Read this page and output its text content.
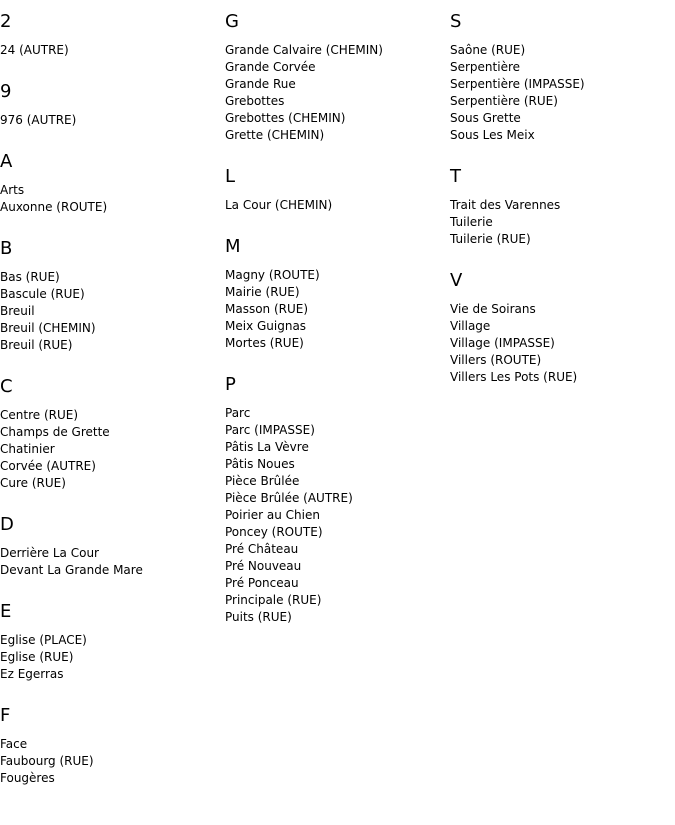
2
24 (AUTRE)
9
976 (AUTRE)
A
Arts
Auxonne (ROUTE)
B
Bas (RUE)
Bascule (RUE)
Breuil
Breuil (CHEMIN)
Breuil (RUE)
C
Centre (RUE)
Champs de Grette
Chatinier
Corvée (AUTRE)
Cure (RUE)
D
Derrière La Cour
Devant La Grande Mare
E
Eglise (PLACE)
Eglise (RUE)
Ez Egerras
F
Face
Faubourg (RUE)
Fougères
G
Grande Calvaire (CHEMIN)
Grande Corvée
Grande Rue
Grebottes
Grebottes (CHEMIN)
Grette (CHEMIN)
L
La Cour (CHEMIN)
M
Magny (ROUTE)
Mairie (RUE)
Masson (RUE)
Meix Guignas
Mortes (RUE)
P
Parc
Parc (IMPASSE)
Pâtis La Vèvre
Pâtis Noues
Pièce Brûlée
Pièce Brûlée (AUTRE)
Poirier au Chien
Poncey (ROUTE)
Pré Château
Pré Nouveau
Pré Ponceau
Principale (RUE)
Puits (RUE)
S
Saône (RUE)
Serpentière
Serpentière (IMPASSE)
Serpentière (RUE)
Sous Grette
Sous Les Meix
T
Trait des Varennes
Tuilerie
Tuilerie (RUE)
V
Vie de Soirans
Village
Village (IMPASSE)
Villers (ROUTE)
Villers Les Pots (RUE)
